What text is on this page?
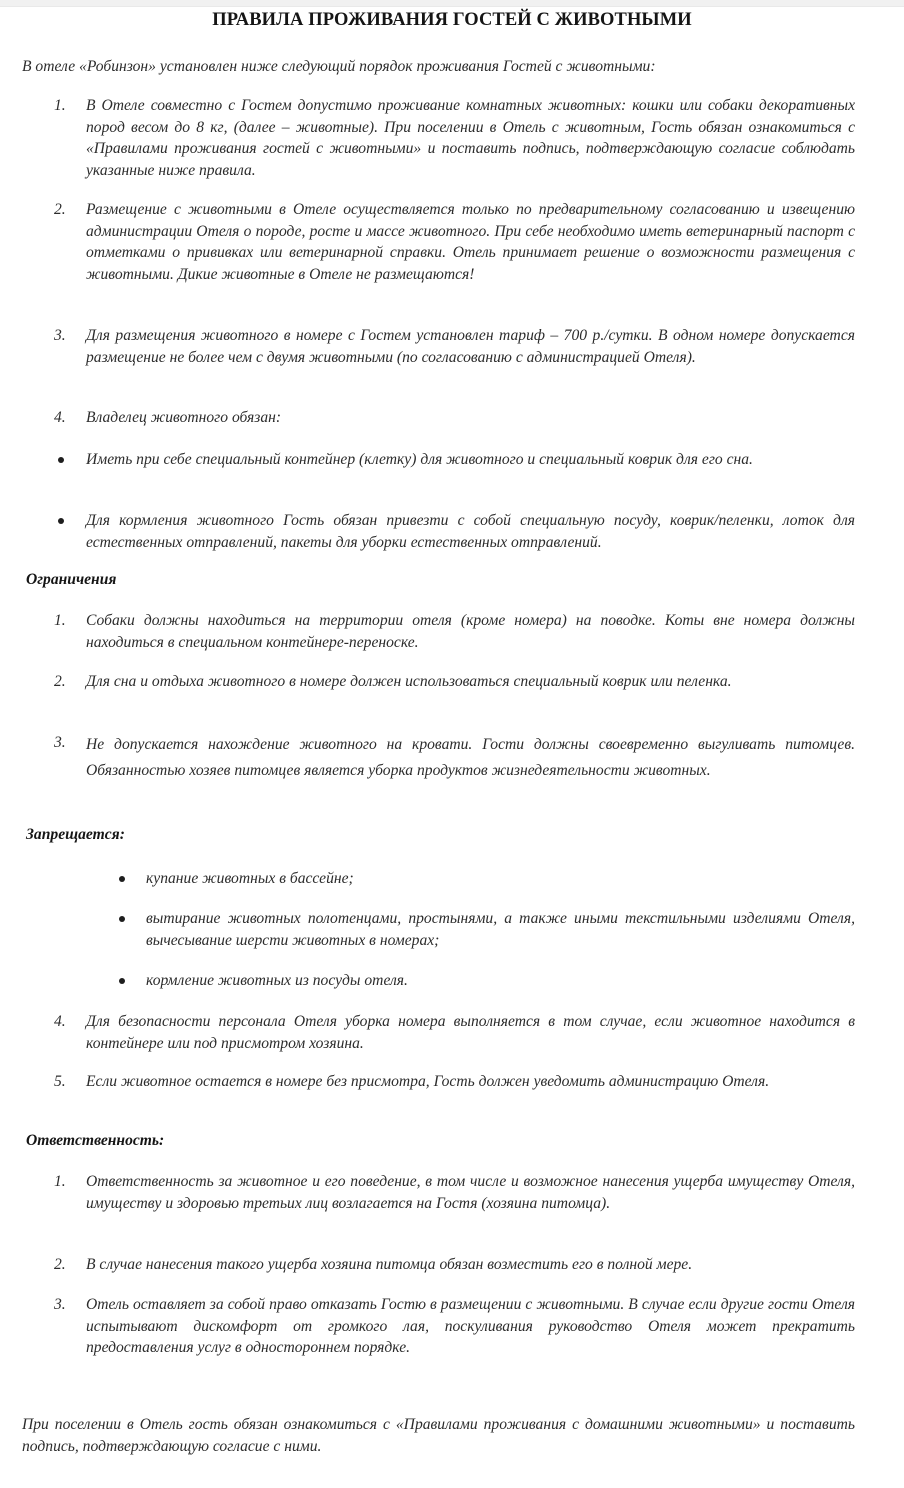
ПРАВИЛА ПРОЖИВАНИЯ ГОСТЕЙ С ЖИВОТНЫМИ
В отеле «Робинзон» установлен ниже следующий порядок проживания Гостей с животными:
1. В Отеле совместно с Гостем допустимо проживание комнатных животных: кошки или собаки декоративных пород весом до 8 кг, (далее – животные). При поселении в Отель с животным, Гость обязан ознакомиться с «Правилами проживания гостей с животными» и поставить подпись, подтверждающую согласие соблюдать указанные ниже правила.
2. Размещение с животными в Отеле осуществляется только по предварительному согласованию и извещению администрации Отеля о породе, росте и массе животного. При себе необходимо иметь ветеринарный паспорт с отметками о прививках или ветеринарной справки. Отель принимает решение о возможности размещения с животными. Дикие животные в Отеле не размещаются!
3. Для размещения животного в номере с Гостем установлен тариф – 700 р./сутки. В одном номере допускается размещение не более чем с двумя животными (по согласованию с администрацией Отеля).
4. Владелец животного обязан:
Иметь при себе специальный контейнер (клетку) для животного и специальный коврик для его сна.
Для кормления животного Гость обязан привезти с собой специальную посуду, коврик/пеленки, лоток для естественных отправлений, пакеты для уборки естественных отправлений.
Ограничения
1. Собаки должны находиться на территории отеля (кроме номера) на поводке. Коты вне номера должны находиться в специальном контейнере-переноске.
2. Для сна и отдыха животного в номере должен использоваться специальный коврик или пеленка.
3. Не допускается нахождение животного на кровати. Гости должны своевременно выгуливать питомцев. Обязанностью хозяев питомцев является уборка продуктов жизнедеятельности животных.
Запрещается:
купание животных в бассейне;
вытирание животных полотенцами, простынями, а также иными текстильными изделиями Отеля, вычесывание шерсти животных в номерах;
кормление животных из посуды отеля.
4. Для безопасности персонала Отеля уборка номера выполняется в том случае, если животное находится в контейнере или под присмотром хозяина.
5. Если животное остается в номере без присмотра, Гость должен уведомить администрацию Отеля.
Ответственность:
1. Ответственность за животное и его поведение, в том числе и возможное нанесения ущерба имуществу Отеля, имуществу и здоровью третьих лиц возлагается на Гостя (хозяина питомца).
2. В случае нанесения такого ущерба хозяина питомца обязан возместить его в полной мере.
3. Отель оставляет за собой право отказать Гостю в размещении с животными. В случае если другие гости Отеля испытывают дискомфорт от громкого лая, поскуливания руководство Отеля может прекратить предоставления услуг в одностороннем порядке.
При поселении в Отель гость обязан ознакомиться с «Правилами проживания с домашними животными» и поставить подпись, подтверждающую согласие с ними.
